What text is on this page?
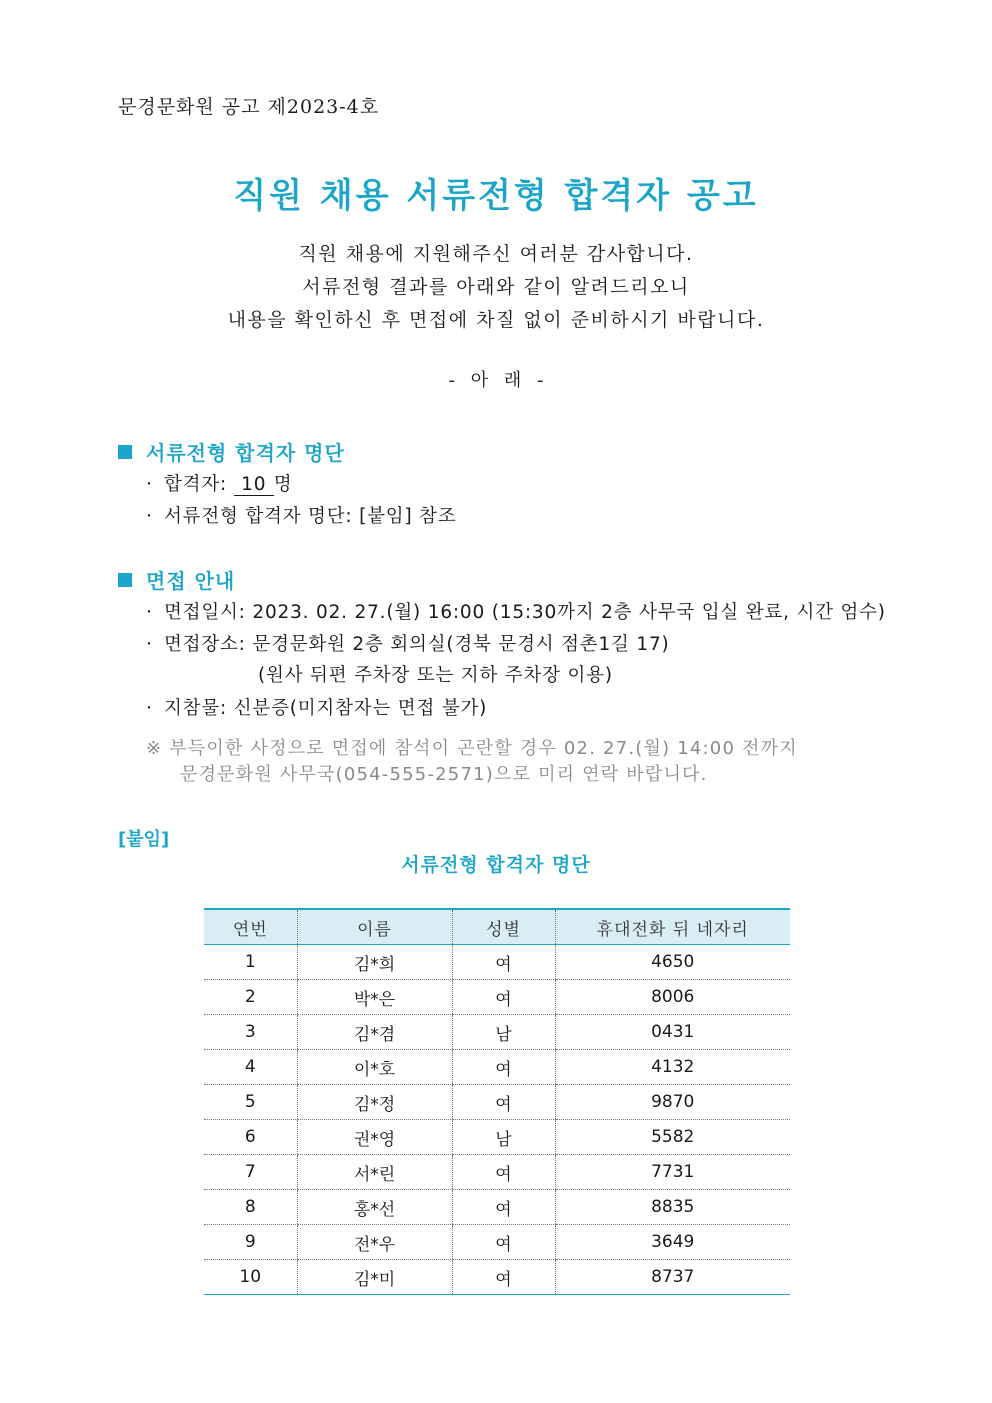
문경문화원 공고 제2023-4호
직원 채용 서류전형 합격자 공고
직원 채용에 지원해주신 여러분 감사합니다.
서류전형 결과를 아래와 같이 알려드리오니
내용을 확인하신 후 면접에 차질 없이 준비하시기 바랍니다.
- 아 래 -
서류전형 합격자 명단
· 합격자: 10 명
· 서류전형 합격자 명단: [붙임] 참조
면접 안내
· 면접일시: 2023. 02. 27.(월) 16:00 (15:30까지 2층 사무국 입실 완료, 시간 엄수)
· 면접장소: 문경문화원 2층 회의실(경북 문경시 점촌1길 17)
(원사 뒤편 주차장 또는 지하 주차장 이용)
· 지참물: 신분증(미지참자는 면접 불가)
※ 부득이한 사정으로 면접에 참석이 곤란할 경우 02. 27.(월) 14:00 전까지
문경문화원 사무국(054-555-2571)으로 미리 연락 바랍니다.
[붙임]
서류전형 합격자 명단
연번	이름	성별	휴대전화 뒤 네자리
1	김*희	여	4650
2	박*은	여	8006
3	김*겸	남	0431
4	이*호	여	4132
5	김*정	여	9870
6	권*영	남	5582
7	서*린	여	7731
8	홍*선	여	8835
9	전*우	여	3649
10	김*미	여	8737
